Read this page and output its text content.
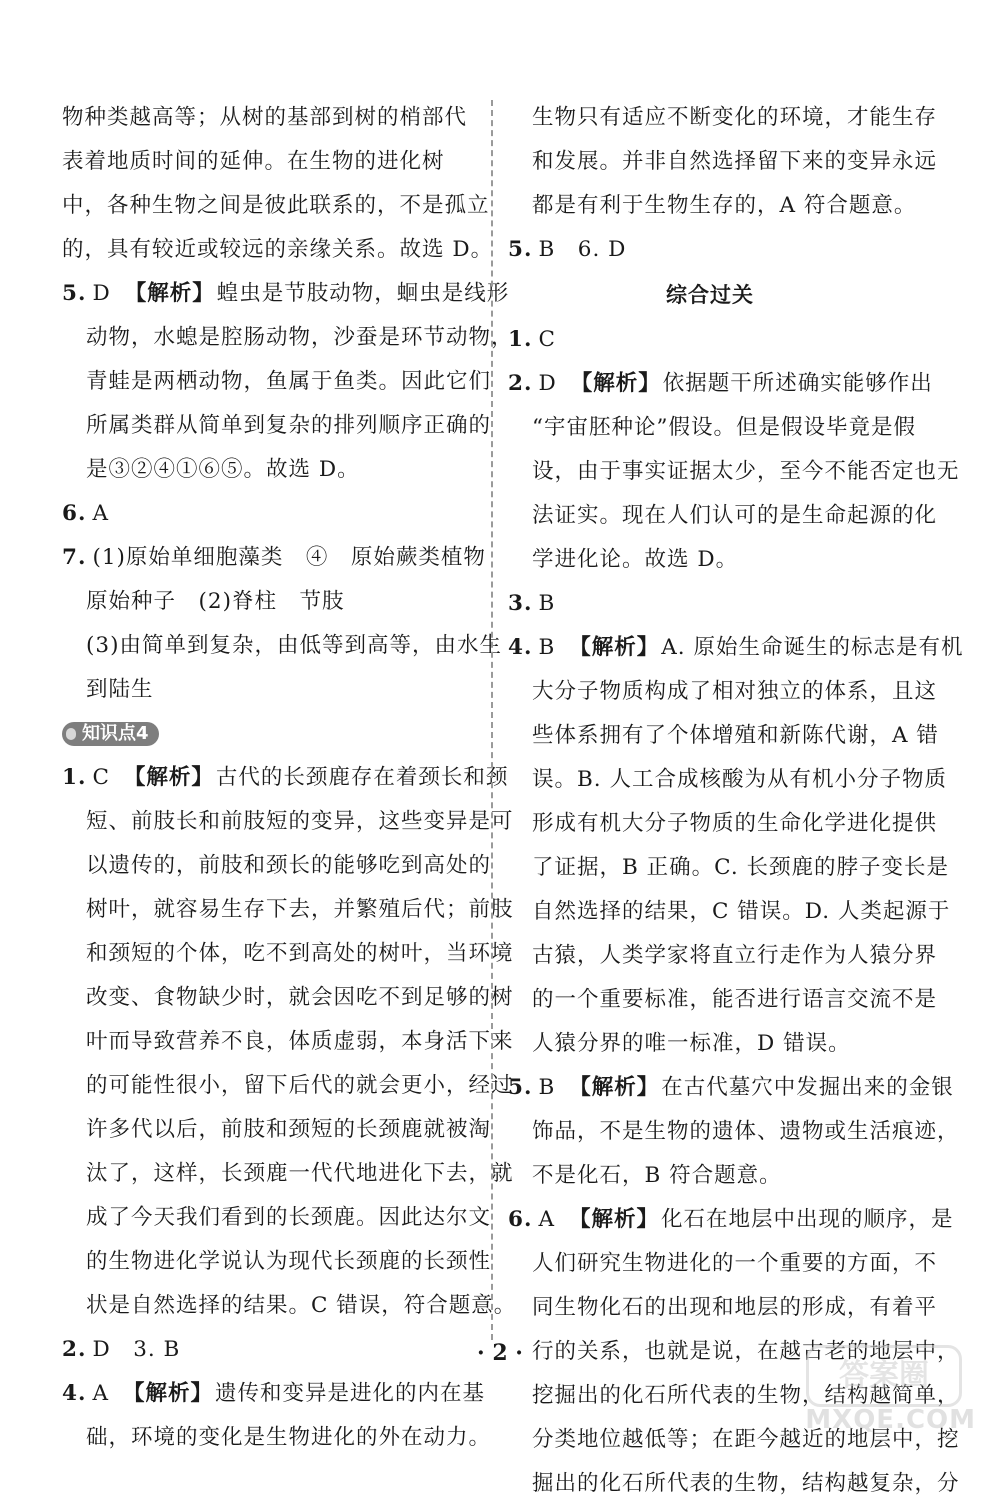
物种类越高等；从树的基部到树的梢部代
表着地质时间的延伸。在生物的进化树
中，各种生物之间是彼此联系的，不是孤立
的，具有较近或较远的亲缘关系。故选 D。
5. D 【解析】蝗虫是节肢动物，蛔虫是线形
动物，水螅是腔肠动物，沙蚕是环节动物，
青蛙是两栖动物，鱼属于鱼类。因此它们
所属类群从简单到复杂的排列顺序正确的
是③②④①⑥⑤。故选 D。
6. A
7. (1)原始单细胞藻类　④　原始蕨类植物
原始种子　(2)脊柱　节肢
(3)由简单到复杂，由低等到高等，由水生
到陆生
知识点4
1. C 【解析】古代的长颈鹿存在着颈长和颈
短、前肢长和前肢短的变异，这些变异是可
以遗传的，前肢和颈长的能够吃到高处的
树叶，就容易生存下去，并繁殖后代；前肢
和颈短的个体，吃不到高处的树叶，当环境
改变、食物缺少时，就会因吃不到足够的树
叶而导致营养不良，体质虚弱，本身活下来
的可能性很小，留下后代的就会更小，经过
许多代以后，前肢和颈短的长颈鹿就被淘
汰了，这样，长颈鹿一代代地进化下去，就
成了今天我们看到的长颈鹿。因此达尔文
的生物进化学说认为现代长颈鹿的长颈性
状是自然选择的结果。C 错误，符合题意。
2. D　3. B
4. A 【解析】遗传和变异是进化的内在基
础，环境的变化是生物进化的外在动力。
生物只有适应不断变化的环境，才能生存
和发展。并非自然选择留下来的变异永远
都是有利于生物生存的，A 符合题意。
5. B　6. D
综合过关
1. C
2. D 【解析】依据题干所述确实能够作出
“宇宙胚种论”假设。但是假设毕竟是假
设，由于事实证据太少，至今不能否定也无
法证实。现在人们认可的是生命起源的化
学进化论。故选 D。
3. B
4. B 【解析】A. 原始生命诞生的标志是有机
大分子物质构成了相对独立的体系，且这
些体系拥有了个体增殖和新陈代谢，A 错
误。B. 人工合成核酸为从有机小分子物质
形成有机大分子物质的生命化学进化提供
了证据，B 正确。C. 长颈鹿的脖子变长是
自然选择的结果，C 错误。D. 人类起源于
古猿，人类学家将直立行走作为人猿分界
的一个重要标准，能否进行语言交流不是
人猿分界的唯一标准，D 错误。
5. B 【解析】在古代墓穴中发掘出来的金银
饰品，不是生物的遗体、遗物或生活痕迹，
不是化石，B 符合题意。
6. A 【解析】化石在地层中出现的顺序，是
人们研究生物进化的一个重要的方面，不
同生物化石的出现和地层的形成，有着平
行的关系，也就是说，在越古老的地层中，
挖掘出的化石所代表的生物，结构越简单，
分类地位越低等；在距今越近的地层中，挖
掘出的化石所代表的生物，结构越复杂，分
· 2 ·
答案圈
MXQE.COM
